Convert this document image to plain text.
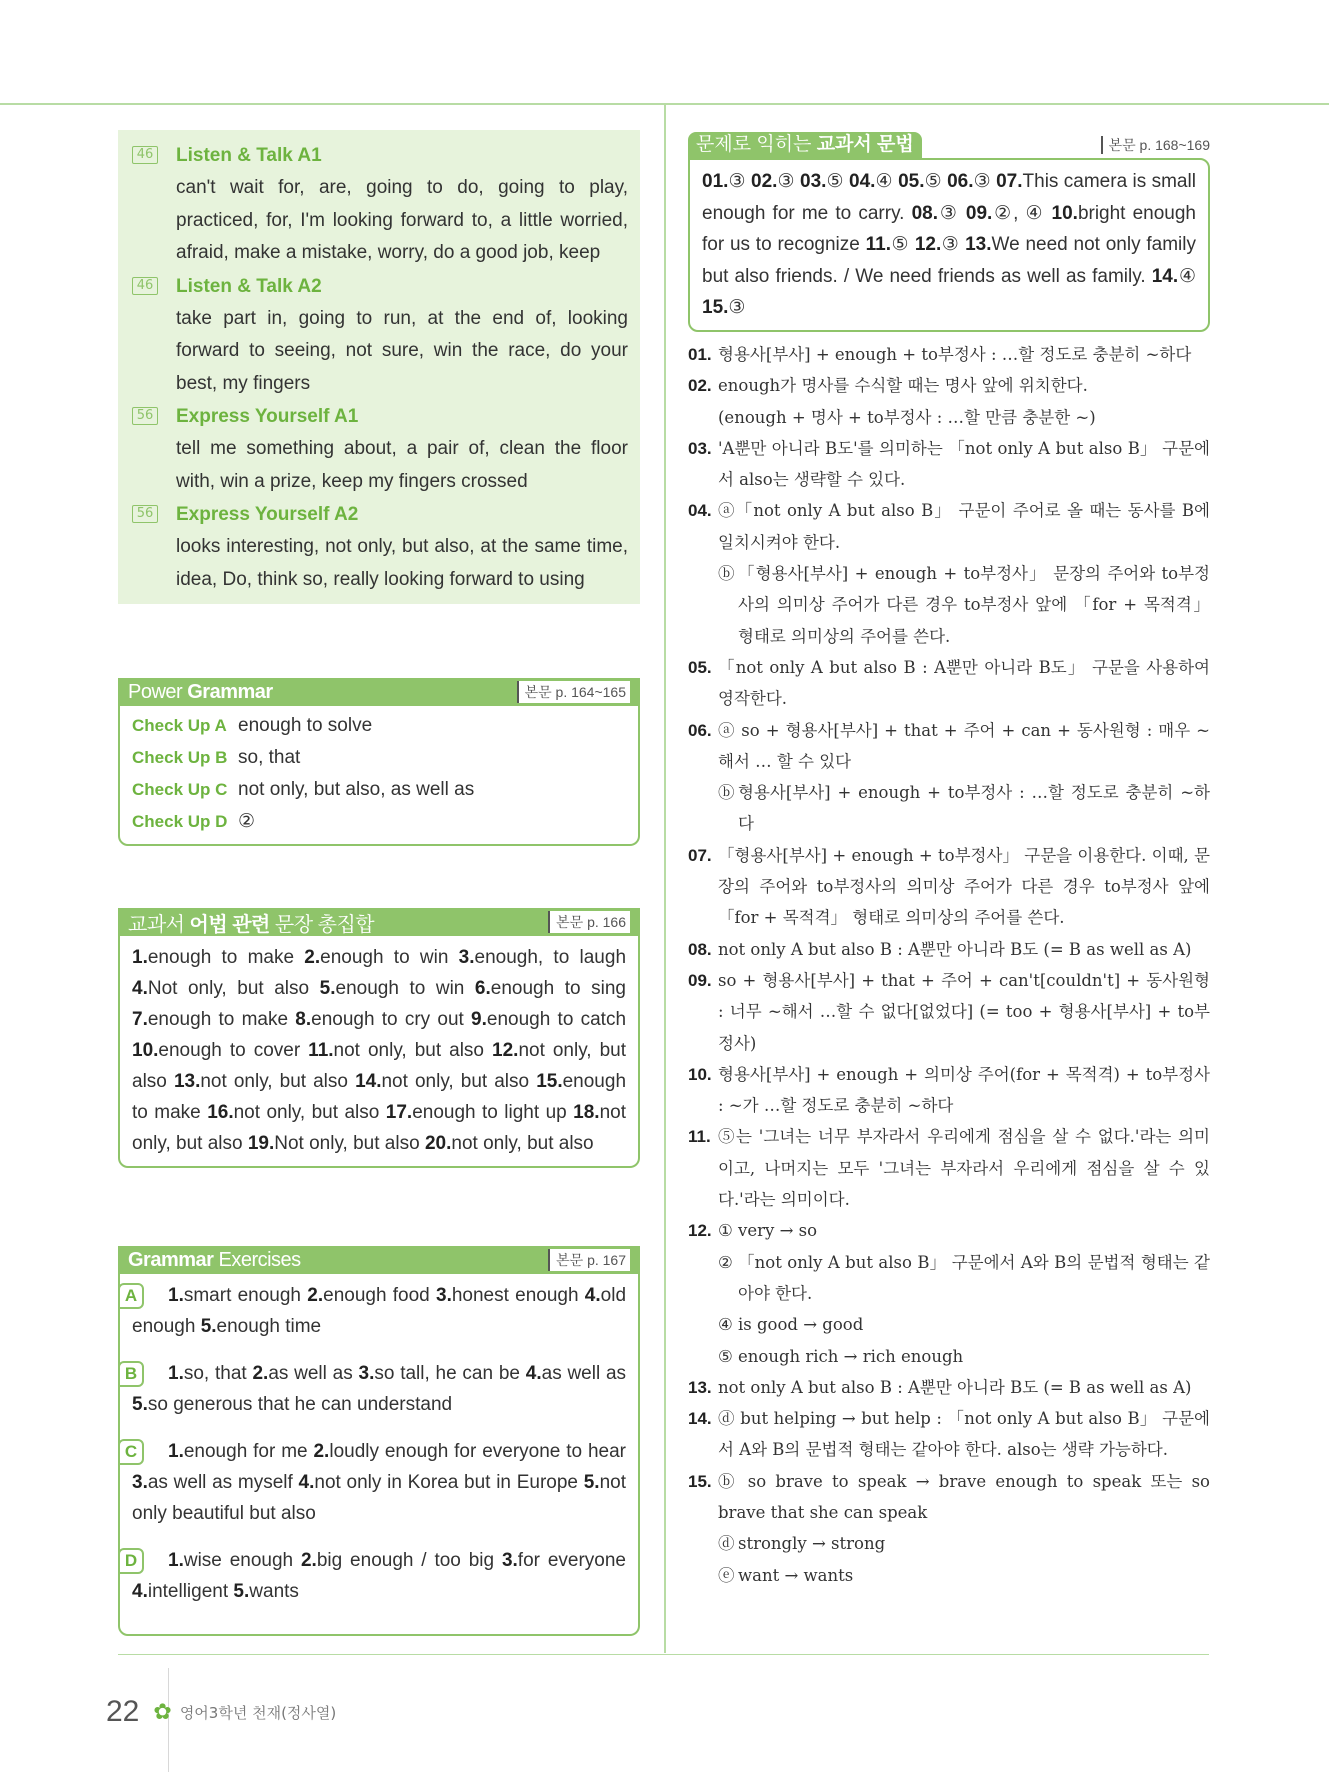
46 Listen & Talk A1
can't wait for, are, going to do, going to play, practiced, for, I'm looking forward to, a little worried, afraid, make a mistake, worry, do a good job, keep
46 Listen & Talk A2
take part in, going to run, at the end of, looking forward to seeing, not sure, win the race, do your best, my fingers
56 Express Yourself A1
tell me something about, a pair of, clean the floor with, win a prize, keep my fingers crossed
56 Express Yourself A2
looks interesting, not only, but also, at the same time, idea, Do, think so, really looking forward to using
Power Grammar	본문 p. 164~165
Check Up A enough to solve
Check Up B so, that
Check Up C not only, but also, as well as
Check Up D ②
교과서 어법 관련 문장 총집합	본문 p. 166
1.enough to make 2.enough to win 3.enough, to laugh 4.Not only, but also 5.enough to win 6.enough to sing 7.enough to make 8.enough to cry out 9.enough to catch 10.enough to cover 11.not only, but also 12.not only, but also 13.not only, but also 14.not only, but also 15.enough to make 16.not only, but also 17.enough to light up 18.not only, but also 19.Not only, but also 20.not only, but also
Grammar Exercises	본문 p. 167
A 1.smart enough 2.enough food 3.honest enough 4.old enough 5.enough time
B 1.so, that 2.as well as 3.so tall, he can be 4.as well as 5.so generous that he can understand
C 1.enough for me 2.loudly enough for everyone to hear 3.as well as myself 4.not only in Korea but in Europe 5.not only beautiful but also
D 1.wise enough 2.big enough / too big 3.for everyone 4.intelligent 5.wants
문제로 익히는 교과서 문법	본문 p. 168~169
01.③ 02.③ 03.⑤ 04.④ 05.⑤ 06.③ 07.This camera is small enough for me to carry. 08.③ 09.②, ④ 10.bright enough for us to recognize 11.⑤ 12.③ 13.We need not only family but also friends. / We need friends as well as family. 14.④ 15.③
01. 형용사[부사] + enough + to부정사 : …할 정도로 충분히 ~하다
02. enough가 명사를 수식할 때는 명사 앞에 위치한다.
(enough + 명사 + to부정사 : …할 만큼 충분한 ~)
03. 'A뿐만 아니라 B도'를 의미하는 「not only A but also B」 구문에서 also는 생략할 수 있다.
04. ⓐ「not only A but also B」 구문이 주어로 올 때는 동사를 B에 일치시켜야 한다.
ⓑ 「형용사[부사] + enough + to부정사」 문장의 주어와 to부정사의 의미상 주어가 다른 경우 to부정사 앞에 「for + 목적격」 형태로 의미상의 주어를 쓴다.
05. 「not only A but also B : A뿐만 아니라 B도」 구문을 사용하여 영작한다.
06. ⓐ so + 형용사[부사] + that + 주어 + can + 동사원형 : 매우 ~해서 … 할 수 있다
ⓑ 형용사[부사] + enough + to부정사 : …할 정도로 충분히 ~하다
07. 「형용사[부사] + enough + to부정사」 구문을 이용한다. 이때, 문장의 주어와 to부정사의 의미상 주어가 다른 경우 to부정사 앞에 「for + 목적격」 형태로 의미상의 주어를 쓴다.
08. not only A but also B : A뿐만 아니라 B도 (= B as well as A)
09. so + 형용사[부사] + that + 주어 + can't[couldn't] + 동사원형 : 너무 ~해서 …할 수 없다[없었다] (= too + 형용사[부사] + to부정사)
10. 형용사[부사] + enough + 의미상 주어(for + 목적격) + to부정사 : ~가 …할 정도로 충분히 ~하다
11. ⑤는 '그녀는 너무 부자라서 우리에게 점심을 살 수 없다.'라는 의미이고, 나머지는 모두 '그녀는 부자라서 우리에게 점심을 살 수 있다.'라는 의미이다.
12. ① very → so
② 「not only A but also B」 구문에서 A와 B의 문법적 형태는 같아야 한다.
④ is good → good
⑤ enough rich → rich enough
13. not only A but also B : A뿐만 아니라 B도 (= B as well as A)
14. ⓓ but helping → but help : 「not only A but also B」 구문에서 A와 B의 문법적 형태는 같아야 한다. also는 생략 가능하다.
15. ⓑ so brave to speak → brave enough to speak 또는 so brave that she can speak
ⓓ strongly → strong
ⓔ want → wants
22 ✿ 영어3학년 천재(정사열)
